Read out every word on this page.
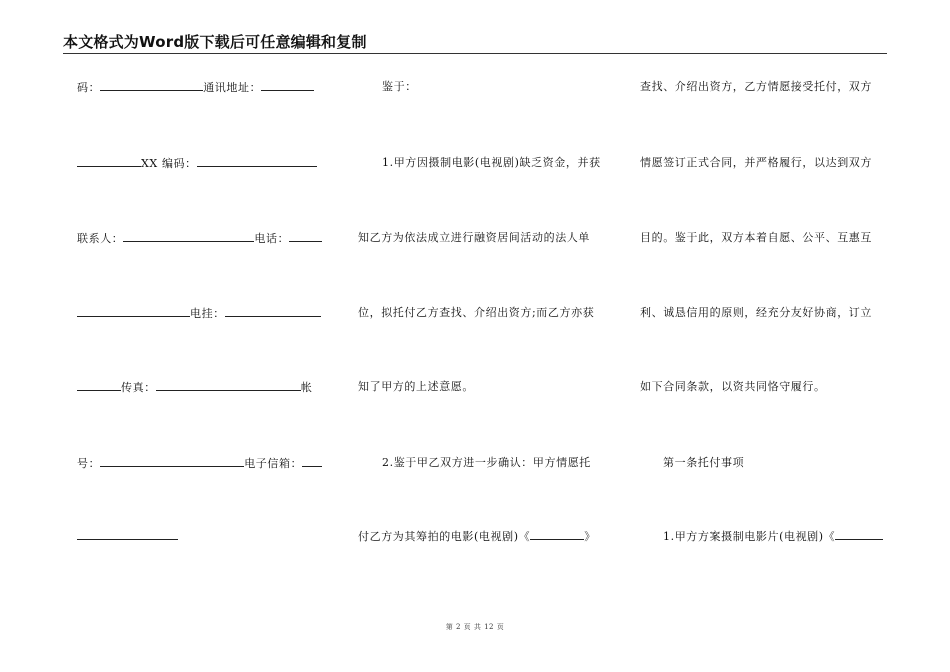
本文格式为Word版下载后可任意编辑和复制
码：	通讯地址：
XX 编码：
联系人：	电话：
电挂：
传真：	帐
号：	电子信箱：
鉴于：
1.甲方因摄制电影(电视剧)缺乏资金，并获
知乙方为依法成立进行融资居间活动的法人单
位，拟托付乙方查找、介绍出资方;而乙方亦获
知了甲方的上述意愿。
2.鉴于甲乙双方进一步确认：甲方情愿托
付乙方为其筹拍的电影(电视剧)《	》
查找、介绍出资方，乙方情愿接受托付，双方
情愿签订正式合同，并严格履行，以达到双方
目的。鉴于此，双方本着自愿、公平、互惠互
利、诚恳信用的原则，经充分友好协商，订立
如下合同条款，以资共同恪守履行。
第一条托付事项
1.甲方方案摄制电影片(电视剧)《
第 2 页 共 12 页
